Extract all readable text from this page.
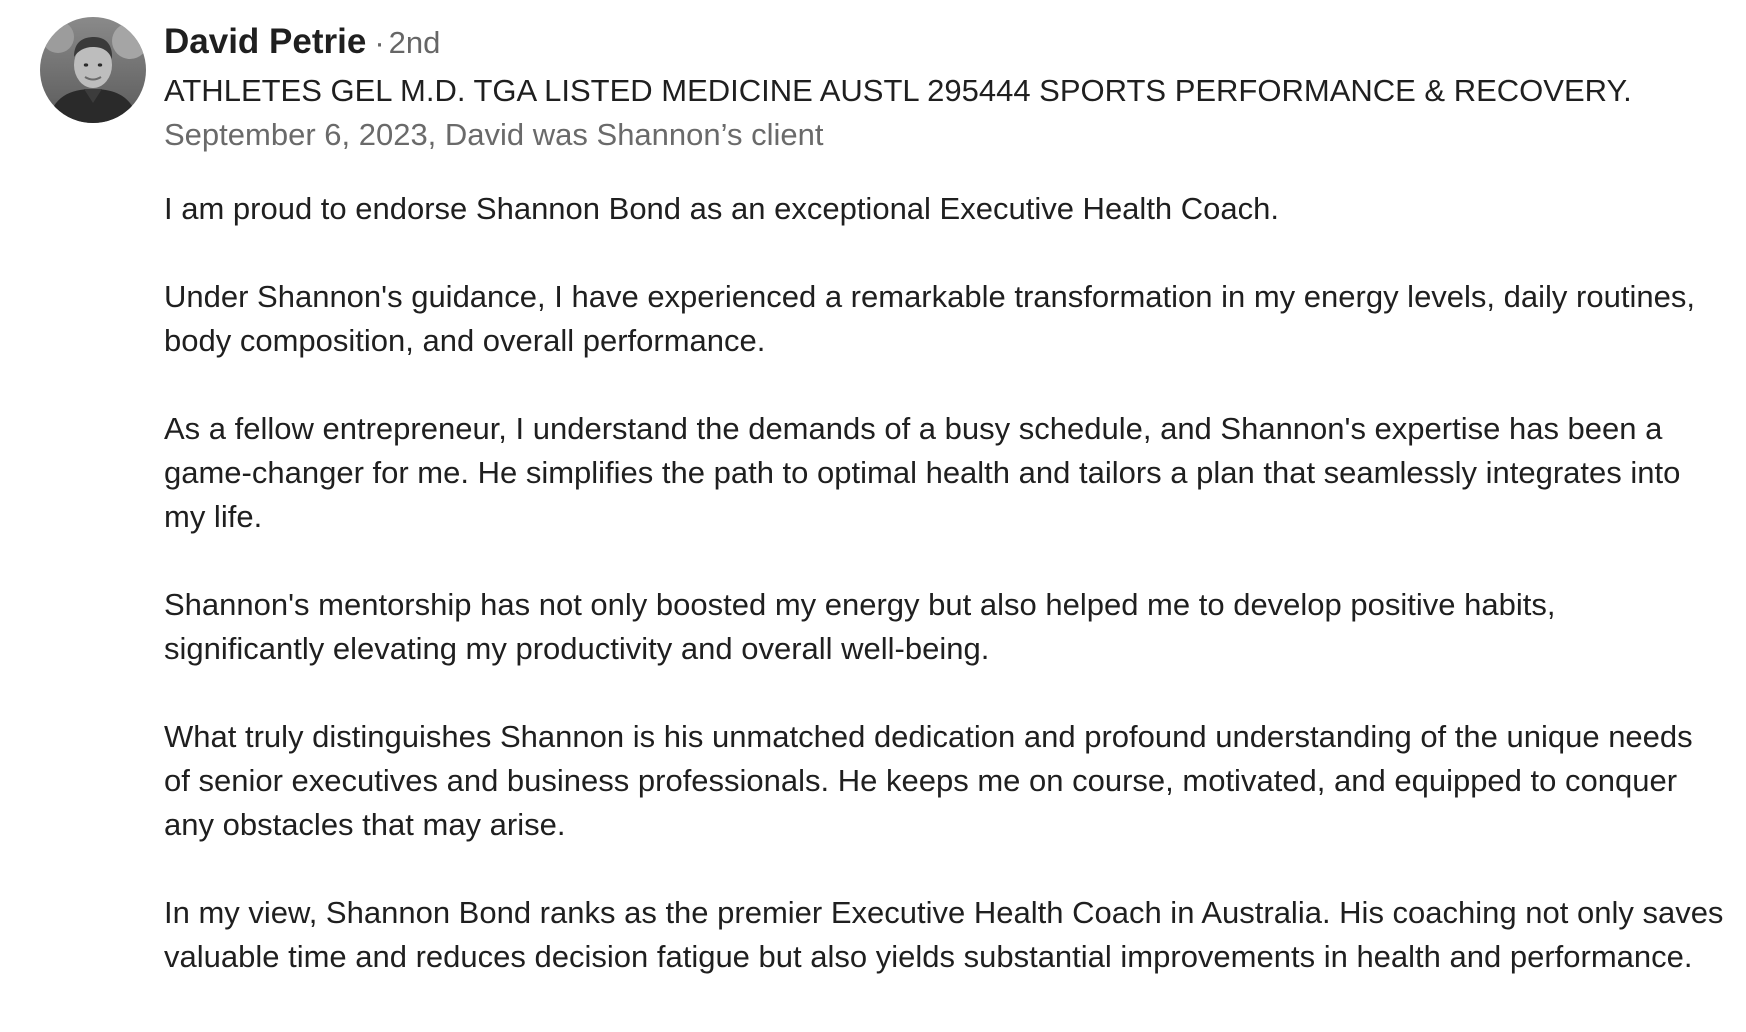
David Petrie · 2nd
ATHLETES GEL M.D. TGA LISTED MEDICINE AUSTL 295444 SPORTS PERFORMANCE & RECOVERY.
September 6, 2023, David was Shannon’s client

I am proud to endorse Shannon Bond as an exceptional Executive Health Coach.

Under Shannon's guidance, I have experienced a remarkable transformation in my energy levels, daily routines, body composition, and overall performance.

As a fellow entrepreneur, I understand the demands of a busy schedule, and Shannon's expertise has been a game-changer for me. He simplifies the path to optimal health and tailors a plan that seamlessly integrates into my life.

Shannon's mentorship has not only boosted my energy but also helped me to develop positive habits, significantly elevating my productivity and overall well-being.

What truly distinguishes Shannon is his unmatched dedication and profound understanding of the unique needs of senior executives and business professionals. He keeps me on course, motivated, and equipped to conquer any obstacles that may arise.

In my view, Shannon Bond ranks as the premier Executive Health Coach in Australia. His coaching not only saves valuable time and reduces decision fatigue but also yields substantial improvements in health and performance.
